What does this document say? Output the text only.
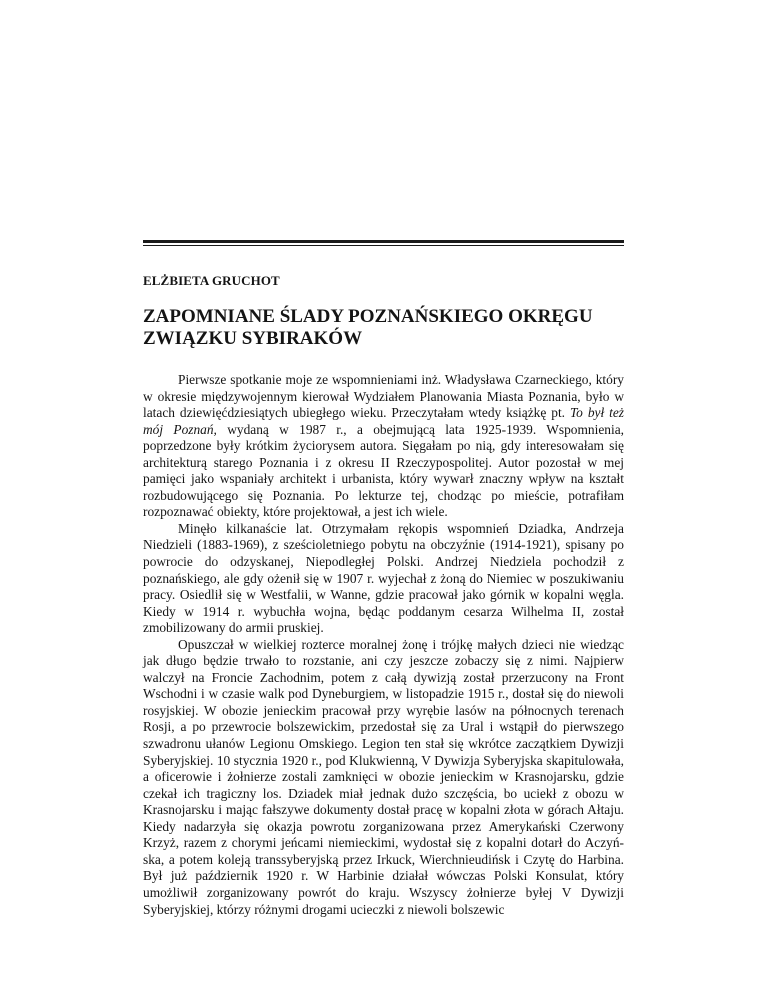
ELŻBIETA GRUCHOT
ZAPOMNIANE ŚLADY POZNAŃSKIEGO OKRĘGU
ZWIĄZKU SYBIRAKÓW

Pierwsze spotkanie moje ze wspomnieniami inż. Władysława Czarneckiego, który w okresie międzywojennym kierował Wydziałem Planowania Miasta Poznania, było w latach dziewięćdziesiątych ubiegłego wieku. Przeczytałam wtedy książkę pt. To był też mój Poznań, wydaną w 1987 r., a obejmującą lata 1925-1939. Wspomnienia, poprzedzone były krótkim życiorysem autora. Sięgałam po nią, gdy interesowałam się architekturą starego Poznania i z okresu II Rzeczypospolitej. Autor pozostał w mej pamięci jako wspaniały architekt i urbanista, który wywarł znaczny wpływ na kształt rozbudowującego się Poznania. Po lekturze tej, chodząc po mieście, potrafiłam rozpoznawać obiekty, które projektował, a jest ich wiele.

Minęło kilkanaście lat. Otrzymałam rękopis wspomnień Dziadka, Andrzeja Niedzieli (1883-1969), z sześcioletniego pobytu na obczyźnie (1914-1921), spisany po powrocie do odzyskanej, Niepodległej Polski. Andrzej Niedziela pochodził z poznańskiego, ale gdy ożenił się w 1907 r. wyjechał z żoną do Niemiec w poszukiwaniu pracy. Osiedlił się w Westfalii, w Wanne, gdzie pracował jako górnik w kopalni węgla. Kiedy w 1914 r. wybuchła wojna, będąc poddanym cesarza Wilhelma II, został zmobilizowany do armii pruskiej.

Opuszczał w wielkiej rozterce moralnej żonę i trójkę małych dzieci nie wiedząc jak długo będzie trwało to rozstanie, ani czy jeszcze zobaczy się z nimi. Najpierw walczył na Froncie Zachodnim, potem z całą dywizją został przerzucony na Front Wschodni i w czasie walk pod Dyneburgiem, w listopadzie 1915 r., dostał się do niewoli rosyjskiej. W obozie jenieckim pracował przy wyrębie lasów na północnych terenach Rosji, a po przewrocie bolszewickim, przedostał się za Ural i wstąpił do pierwszego szwadronu ułanów Legionu Omskiego. Legion ten stał się wkrótce zaczątkiem Dywizji Syberyjskiej. 10 stycznia 1920 r., pod Klukwienną, V Dywizja Syberyjska skapitulowała, a oficerowie i żołnierze zostali zamknięci w obozie jenieckim w Krasnojarsku, gdzie czekał ich tragiczny los. Dziadek miał jednak dużo szczęścia, bo uciekł z obozu w Krasnojarsku i mając fałszywe dokumenty dostał pracę w kopalni złota w górach Ałtaju. Kiedy nadarzyła się okazja powrotu zorganizowana przez Amerykański Czerwony Krzyż, razem z chorymi jeńcami niemieckimi, wydostał się z kopalni dotarł do Aczyńska, a potem koleją transsyberyjską przez Irkuck, Wierchnieudińsk i Czytę do Harbina. Był już październik 1920 r. W Harbinie działał wówczas Polski Konsulat, który umożliwił zorganizowany powrót do kraju. Wszyscy żołnierze byłej V Dywizji Syberyjskiej, którzy różnymi drogami ucieczki z niewoli bolszewic
